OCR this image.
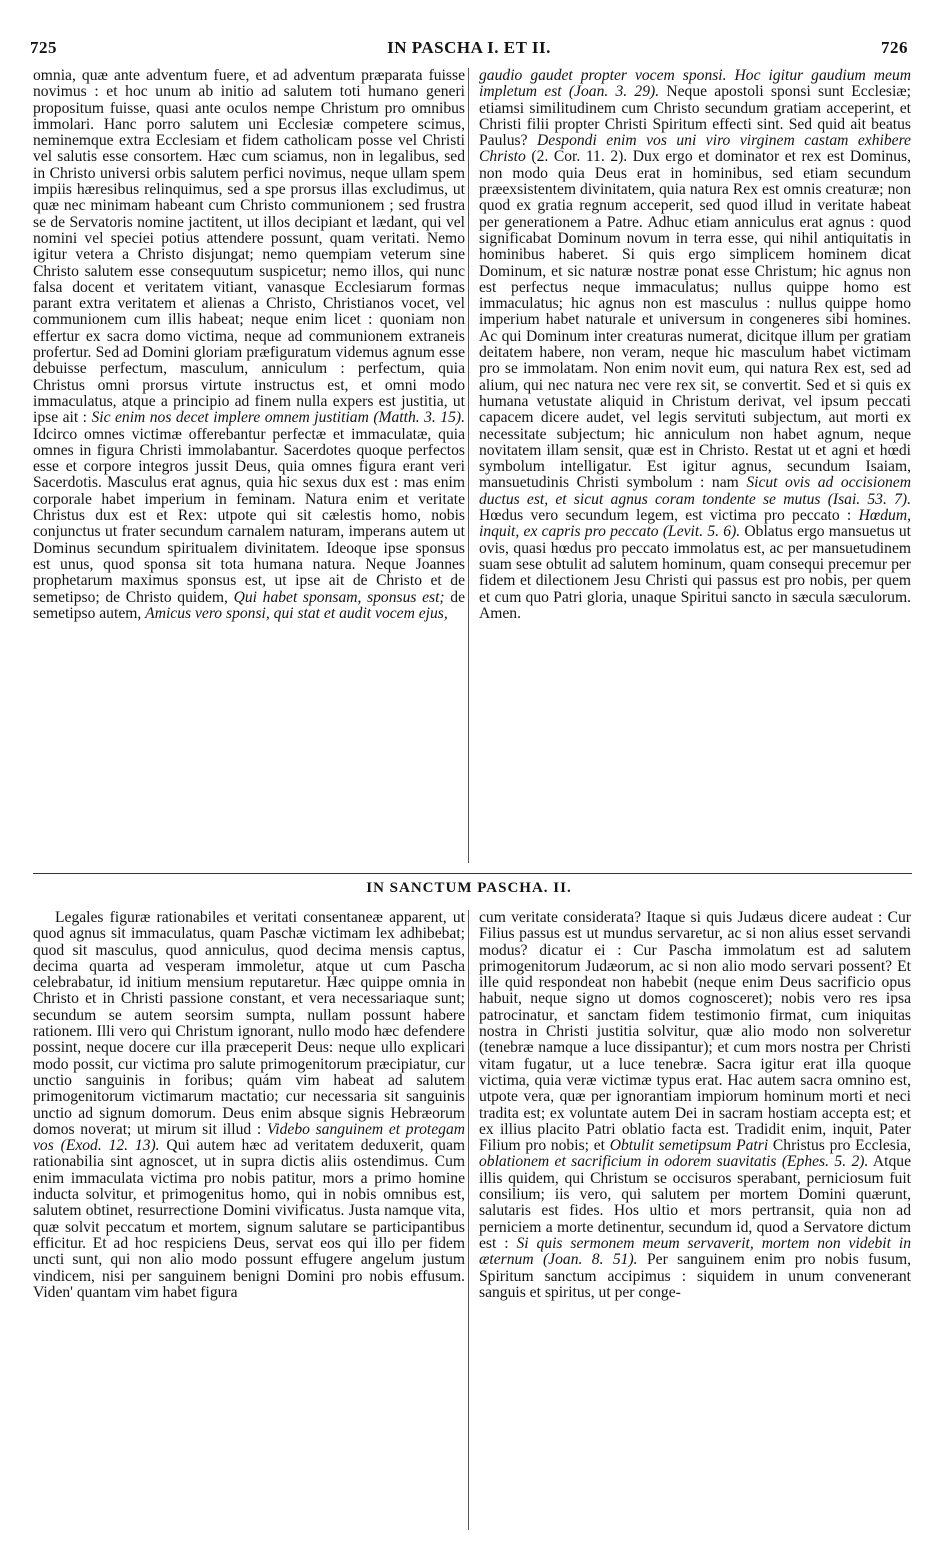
725	IN PASCHA I. ET II.	726

omnia, quæ ante adventum fuere, et ad adventum præparata fuisse novimus : et hoc unum ab initio ad salutem toti humano generi propositum fuisse, quasi ante oculos nempe Christum pro omnibus immolari. Hanc porro salutem uni Ecclesiæ competere scimus, neminemque extra Ecclesiam et fidem catholicam posse vel Christi vel salutis esse consortem. Hæc cum sciamus, non in legalibus, sed in Christo universi orbis salutem perfici novimus, neque ullam spem impiis hæresibus relinquimus, sed a spe prorsus illas excludimus, ut quæ nec minimam habeant cum Christo communionem ; sed frustra se de Servatoris nomine jactitent, ut illos decipiant et lædant, qui vel nomini vel speciei potius attendere possunt, quam veritati. Nemo igitur vetera a Christo disjungat; nemo quempiam veterum sine Christo salutem esse consequutum suspicetur; nemo illos, qui nunc falsa docent et veritatem vitiant, vanasque Ecclesiarum formas parant extra veritatem et alienas a Christo, Christianos vocet, vel communionem cum illis habeat; neque enim licet : quoniam non effertur ex sacra domo victima, neque ad communionem extraneis profertur. Sed ad Domini gloriam præfiguratum videmus agnum esse debuisse perfectum, masculum, anniculum : perfectum, quia Christus omni prorsus virtute instructus est, et omni modo immaculatus, atque a principio ad finem nulla expers est justitia, ut ipse ait : Sic enim nos decet implere omnem justitiam (Matth. 3. 15). Idcirco omnes victimæ offerebantur perfectæ et immaculatæ, quia omnes in figura Christi immolabantur. Sacerdotes quoque perfectos esse et corpore integros jussit Deus, quia omnes figura erant veri Sacerdotis. Masculus erat agnus, quia hic sexus dux est : mas enim corporale habet imperium in feminam. Natura enim et veritate Christus dux est et Rex: utpote qui sit cælestis homo, nobis conjunctus ut frater secundum carnalem naturam, imperans autem ut Dominus secundum spiritualem divinitatem. Ideoque ipse sponsus est unus, quod sponsa sit tota humana natura. Neque Joannes prophetarum maximus sponsus est, ut ipse ait de Christo et de semetipso; de Christo quidem, Qui habet sponsam, sponsus est; de semetipso autem, Amicus vero sponsi, qui stat et audit vocem ejus,

gaudio gaudet propter vocem sponsi. Hoc igitur gaudium meum impletum est (Joan. 3. 29). Neque apostoli sponsi sunt Ecclesiæ; etiamsi similitudinem cum Christo secundum gratiam acceperint, et Christi filii propter Christi Spiritum effecti sint. Sed quid ait beatus Paulus? Despondi enim vos uni viro virginem castam exhibere Christo (2. Cor. 11. 2). Dux ergo et dominator et rex est Dominus, non modo quia Deus erat in hominibus, sed etiam secundum præexsistentem divinitatem, quia natura Rex est omnis creaturæ; non quod ex gratia regnum acceperit, sed quod illud in veritate habeat per generationem a Patre. Adhuc etiam anniculus erat agnus : quod significabat Dominum novum in terra esse, qui nihil antiquitatis in hominibus haberet. Si quis ergo simplicem hominem dicat Dominum, et sic naturæ nostræ ponat esse Christum; hic agnus non est perfectus neque immaculatus; nullus quippe homo est immaculatus; hic agnus non est masculus : nullus quippe homo imperium habet naturale et universum in congeneres sibi homines. Ac qui Dominum inter creaturas numerat, dicitque illum per gratiam deitatem habere, non veram, neque hic masculum habet victimam pro se immolatam. Non enim novit eum, qui natura Rex est, sed ad alium, qui nec natura nec vere rex sit, se convertit. Sed et si quis ex humana vetustate aliquid in Christum derivat, vel ipsum peccati capacem dicere audet, vel legis servituti subjectum, aut morti ex necessitate subjectum; hic anniculum non habet agnum, neque novitatem illam sensit, quæ est in Christo. Restat ut et agni et hœdi symbolum intelligatur. Est igitur agnus, secundum Isaiam, mansuetudinis Christi symbolum : nam Sicut ovis ad occisionem ductus est, et sicut agnus coram tondente se mutus (Isai. 53. 7). Hœdus vero secundum legem, est victima pro peccato : Hœdum, inquit, ex capris pro peccato (Levit. 5. 6). Oblatus ergo mansuetus ut ovis, quasi hœdus pro peccato immolatus est, ac per mansuetudinem suam sese obtulit ad salutem hominum, quam consequi precemur per fidem et dilectionem Jesu Christi qui passus est pro nobis, per quem et cum quo Patri gloria, unaque Spiritui sancto in sæcula sæculorum. Amen.

IN SANCTUM PASCHA. II.

Legales figuræ rationabiles et veritati consentaneæ apparent, ut quod agnus sit immaculatus, quam Paschæ victimam lex adhibebat; quod sit masculus, quod anniculus, quod decima mensis captus, decima quarta ad vesperam immoletur, atque ut cum Pascha celebrabatur, id initium mensium reputaretur. Hæc quippe omnia in Christo et in Christi passione constant, et vera necessariaque sunt; secundum se autem seorsim sumpta, nullam possunt habere rationem. Illi vero qui Christum ignorant, nullo modo hæc defendere possint, neque docere cur illa præceperit Deus: neque ullo explicari modo possit, cur victima pro salute primogenitorum præcipiatur, cur unctio sanguinis in foribus; quám vim habeat ad salutem primogenitorum victimarum mactatio; cur necessaria sit sanguinis unctio ad signum domorum. Deus enim absque signis Hebræorum domos noverat; ut mirum sit illud : Videbo sanguinem et protegam vos (Exod. 12. 13). Qui autem hæc ad veritatem deduxerit, quam rationabilia sint agnoscet, ut in supra dictis aliis ostendimus. Cum enim immaculata victima pro nobis patitur, mors a primo homine inducta solvitur, et primogenitus homo, qui in nobis omnibus est, salutem obtinet, resurrectione Domini vivificatus. Justa namque vita, quæ solvit peccatum et mortem, signum salutare se participantibus efficitur. Et ad hoc respiciens Deus, servat eos qui illo per fidem uncti sunt, qui non alio modo possunt effugere angelum justum vindicem, nisi per sanguinem benigni Domini pro nobis effusum. Viden' quantam vim habet figura

cum veritate considerata? Itaque si quis Judæus dicere audeat : Cur Filius passus est ut mundus servaretur, ac si non alius esset servandi modus? dicatur ei : Cur Pascha immolatum est ad salutem primogenitorum Judæorum, ac si non alio modo servari possent? Et ille quid respondeat non habebit (neque enim Deus sacrificio opus habuit, neque signo ut domos cognosceret); nobis vero res ipsa patrocinatur, et sanctam fidem testimonio firmat, cum iniquitas nostra in Christi justitia solvitur, quæ alio modo non solveretur (tenebræ namque a luce dissipantur); et cum mors nostra per Christi vitam fugatur, ut a luce tenebræ. Sacra igitur erat illa quoque victima, quia veræ victimæ typus erat. Hac autem sacra omnino est, utpote vera, quæ per ignorantiam impiorum hominum morti et neci tradita est; ex voluntate autem Dei in sacram hostiam accepta est; et ex illius placito Patri oblatio facta est. Tradidit enim, inquit, Pater Filium pro nobis; et Obtulit semetipsum Patri Christus pro Ecclesia, oblationem et sacrificium in odorem suavitatis (Ephes. 5. 2). Atque illis quidem, qui Christum se occisuros sperabant, perniciosum fuit consilium; iis vero, qui salutem per mortem Domini quærunt, salutaris est fides. Hos ultio et mors pertransit, quia non ad perniciem a morte detinentur, secundum id, quod a Servatore dictum est : Si quis sermonem meum servaverit, mortem non videbit in æternum (Joan. 8. 51). Per sanguinem enim pro nobis fusum, Spiritum sanctum accipimus : siquidem in unum convenerant sanguis et spiritus, ut per conge-
